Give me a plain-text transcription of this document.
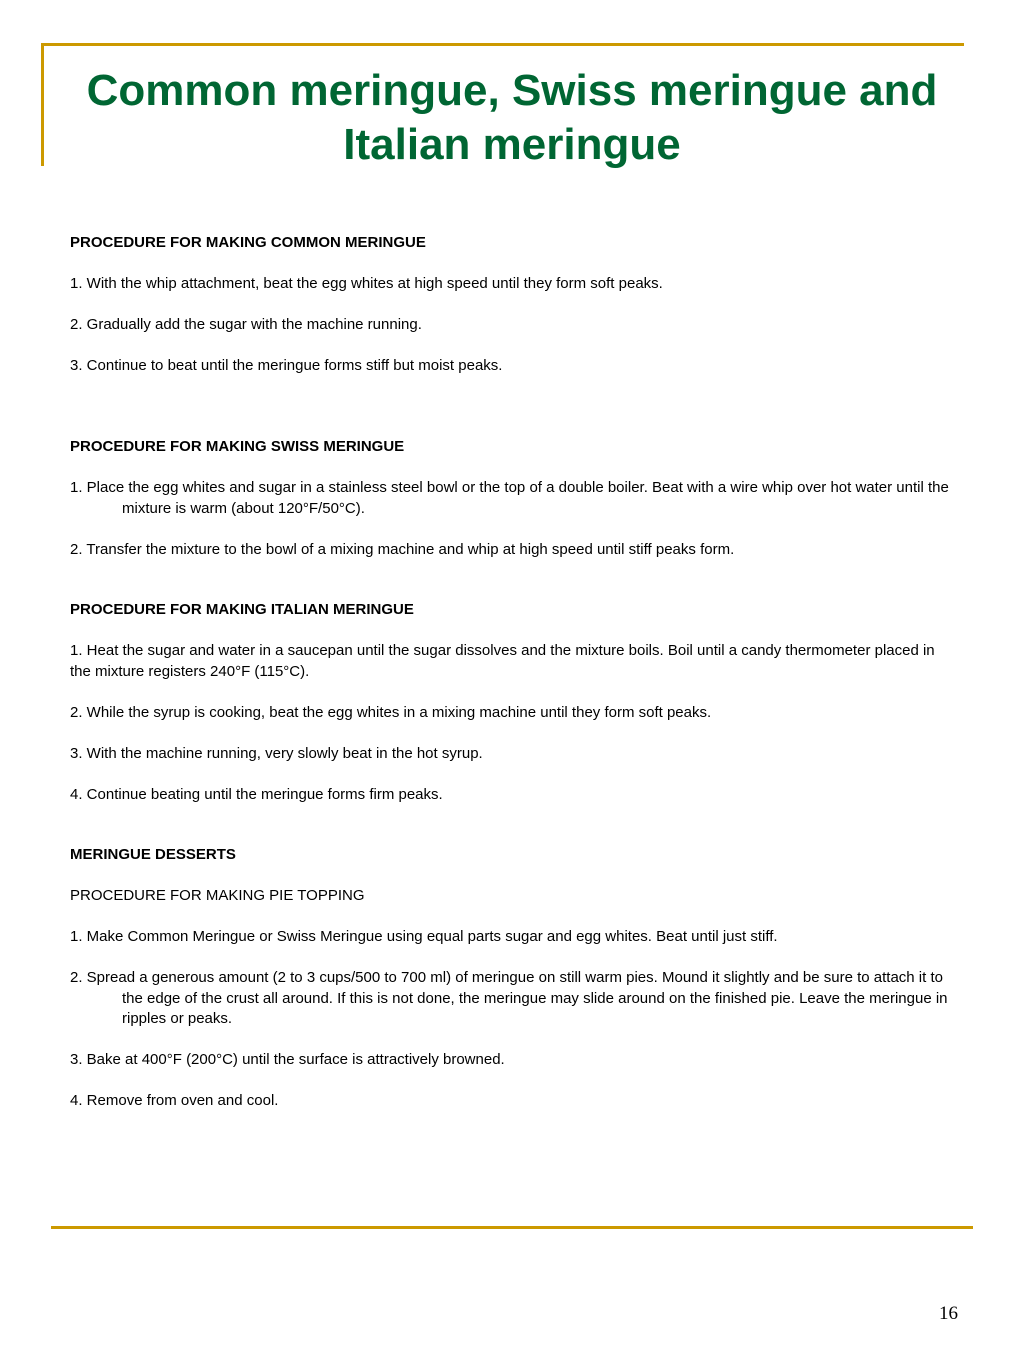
Common meringue, Swiss meringue and Italian meringue

PROCEDURE FOR MAKING COMMON MERINGUE

1. With the whip attachment, beat the egg whites at high speed until they form soft peaks.

2. Gradually add the sugar with the machine running.

3. Continue to beat until the meringue forms stiff but moist peaks.

PROCEDURE FOR MAKING SWISS MERINGUE

1. Place the egg whites and sugar in a stainless steel bowl or the top of a double boiler. Beat with a wire whip over hot water until the mixture is warm (about 120°F/50°C).

2. Transfer the mixture to the bowl of a mixing machine and whip at high speed until stiff peaks form.

PROCEDURE FOR MAKING ITALIAN MERINGUE

1. Heat the sugar and water in a saucepan until the sugar dissolves and the mixture boils. Boil until a candy thermometer placed in the mixture registers 240°F (115°C).

2. While the syrup is cooking, beat the egg whites in a mixing machine until they form soft peaks.

3. With the machine running, very slowly beat in the hot syrup.

4. Continue beating until the meringue forms firm peaks.

MERINGUE DESSERTS

PROCEDURE FOR MAKING PIE TOPPING

1. Make Common Meringue or Swiss Meringue using equal parts sugar and egg whites. Beat until just stiff.

2. Spread a generous amount (2 to 3 cups/500 to 700 ml) of meringue on still warm pies. Mound it slightly and be sure to attach it to the edge of the crust all around. If this is not done, the meringue may slide around on the finished pie. Leave the meringue in ripples or peaks.

3. Bake at 400°F (200°C) until the surface is attractively browned.

4. Remove from oven and cool.

16
